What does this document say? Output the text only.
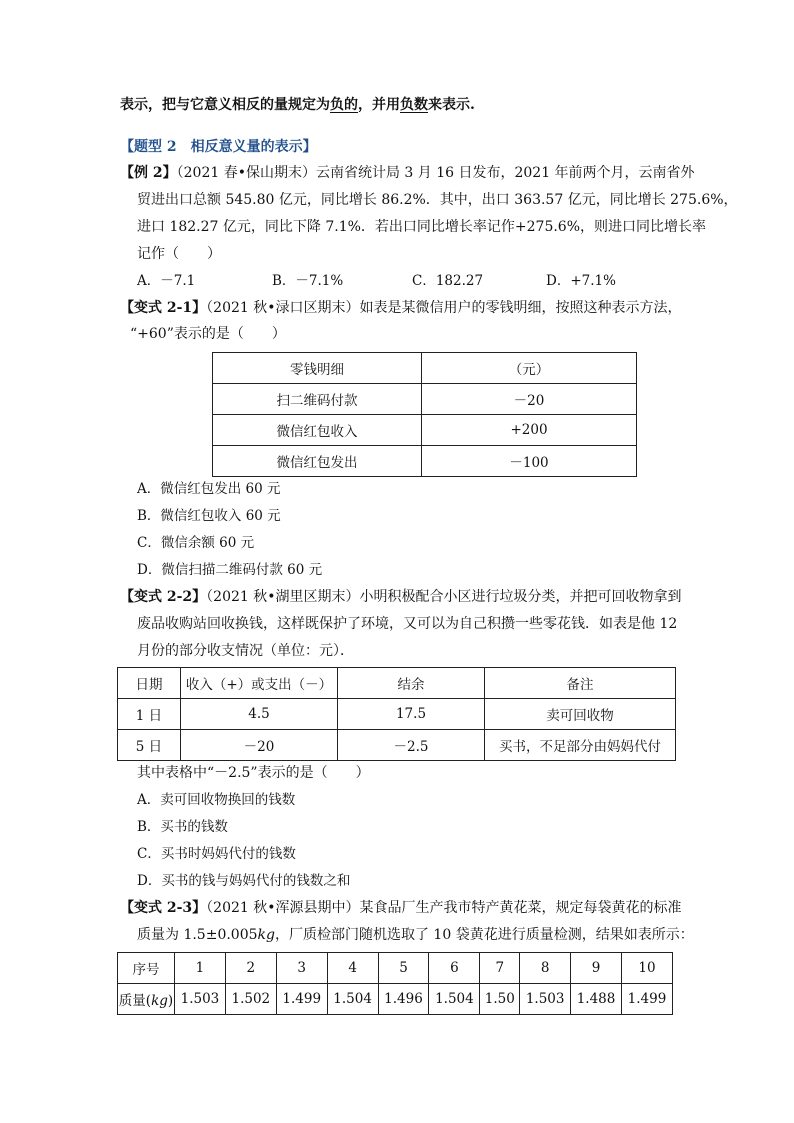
表示，把与它意义相反的量规定为负的，并用负数来表示.
【题型 2　相反意义量的表示】
【例 2】（2021 春•保山期末）云南省统计局 3 月 16 日发布，2021 年前两个月，云南省外
贸进出口总额 545.80 亿元，同比增长 86.2%．其中，出口 363.57 亿元，同比增长 275.6%，
进口 182.27 亿元，同比下降 7.1%．若出口同比增长率记作+275.6%，则进口同比增长率
记作（　　）
A．－7.1	B．－7.1%	C．182.27	D．+7.1%
【变式 2-1】（2021 秋•渌口区期末）如表是某微信用户的零钱明细，按照这种表示方法，
“+60”表示的是（　　）
零钱明细	（元）
扫二维码付款	－20
微信红包收入	+200
微信红包发出	－100
A．微信红包发出 60 元
B．微信红包收入 60 元
C．微信余额 60 元
D．微信扫描二维码付款 60 元
【变式 2-2】（2021 秋•湖里区期末）小明积极配合小区进行垃圾分类，并把可回收物拿到
废品收购站回收换钱，这样既保护了环境，又可以为自己积攒一些零花钱．如表是他 12
月份的部分收支情况（单位：元）．
日期	收入（+）或支出（－）	结余	备注
1 日	4.5	17.5	卖可回收物
5 日	－20	－2.5	买书，不足部分由妈妈代付
其中表格中“－2.5”表示的是（　　）
A．卖可回收物换回的钱数
B．买书的钱数
C．买书时妈妈代付的钱数
D．买书的钱与妈妈代付的钱数之和
【变式 2-3】（2021 秋•浑源县期中）某食品厂生产我市特产黄花菜，规定每袋黄花的标准
质量为 1.5±0.005kg，厂质检部门随机选取了 10 袋黄花进行质量检测，结果如表所示：
序号	1	2	3	4	5	6	7	8	9	10
质量(kg)	1.503	1.502	1.499	1.504	1.496	1.504	1.50	1.503	1.488	1.499
